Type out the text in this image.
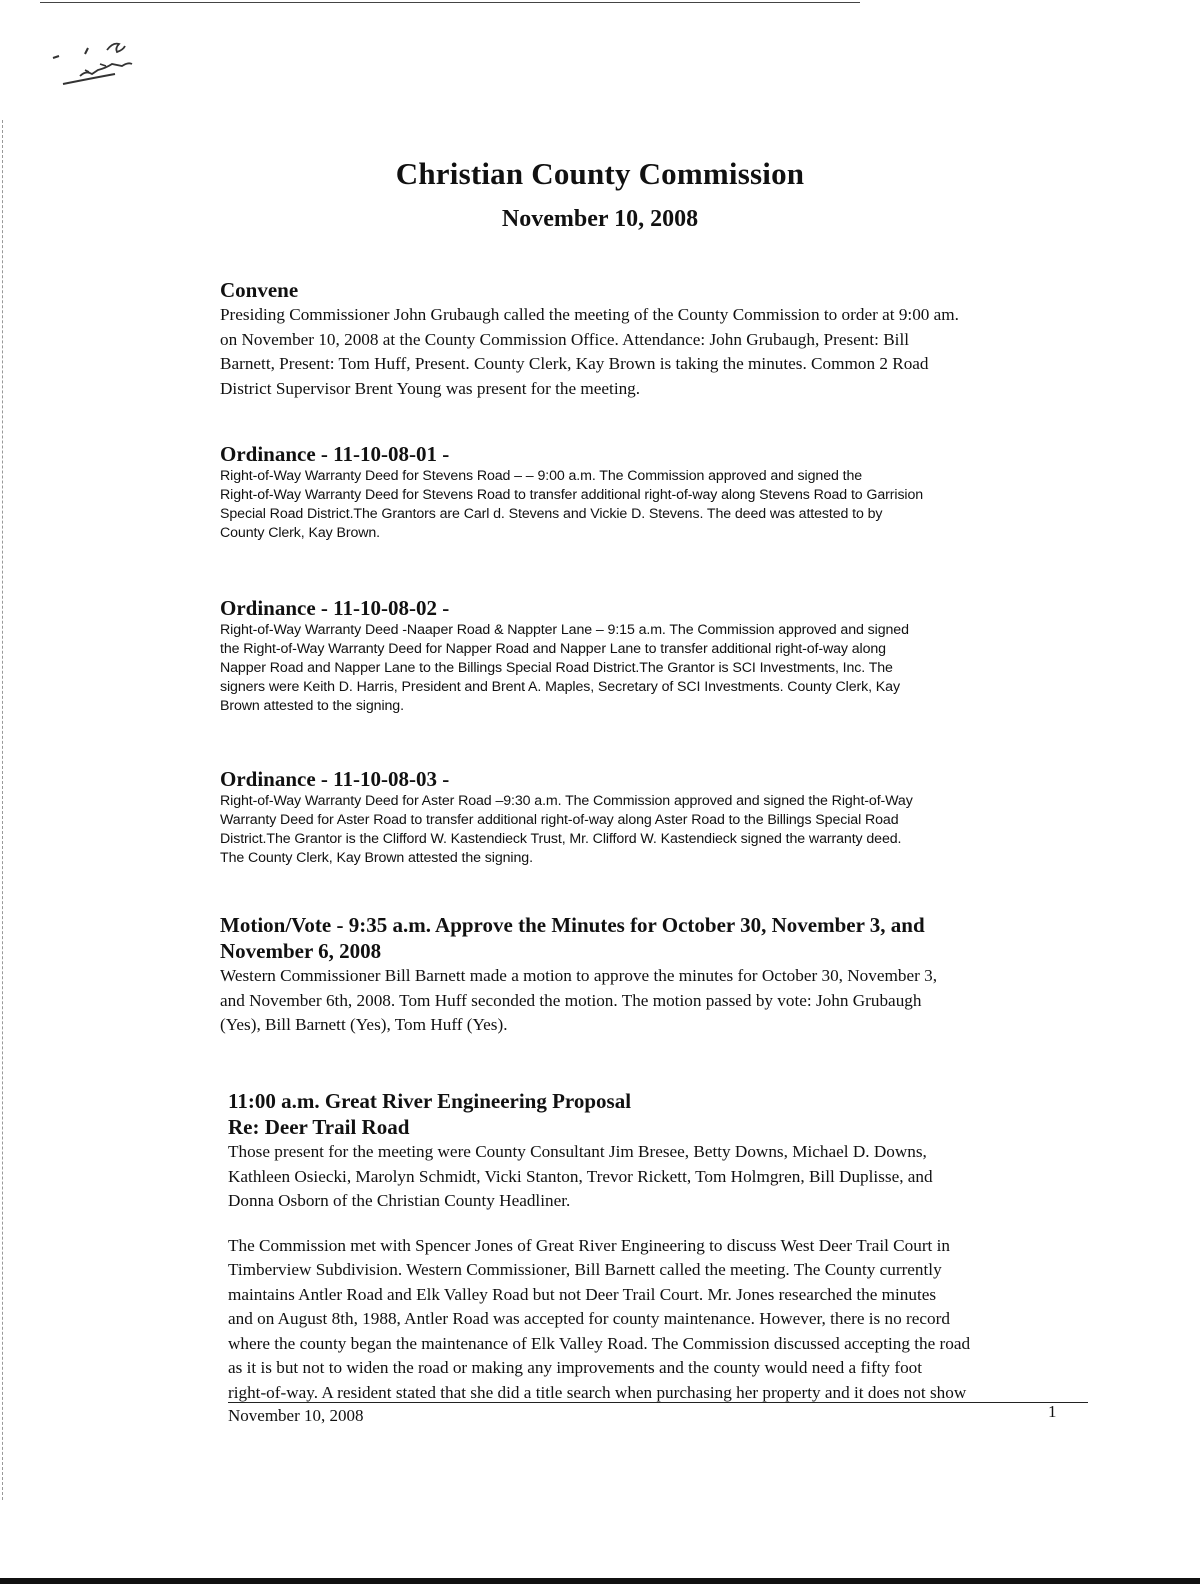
Christian County Commission
November 10, 2008
Convene
Presiding Commissioner John Grubaugh called the meeting of the County Commission to order at 9:00 am.
on November 10, 2008 at the County Commission Office. Attendance: John Grubaugh, Present: Bill
Barnett, Present: Tom Huff, Present. County Clerk, Kay Brown is taking the minutes. Common 2 Road
District Supervisor Brent Young was present for the meeting.
Ordinance - 11-10-08-01 -
Right-of-Way Warranty Deed for Stevens Road – – 9:00 a.m. The Commission approved and signed the
Right-of-Way Warranty Deed for Stevens Road to transfer additional right-of-way along Stevens Road to Garrision
Special Road District.The Grantors are Carl d. Stevens and Vickie D. Stevens. The deed was attested to by
County Clerk, Kay Brown.
Ordinance - 11-10-08-02 -
Right-of-Way Warranty Deed -Naaper Road & Nappter Lane – 9:15 a.m. The Commission approved and signed
the Right-of-Way Warranty Deed for Napper Road and Napper Lane to transfer additional right-of-way along
Napper Road and Napper Lane to the Billings Special Road District.The Grantor is SCI Investments, Inc. The
signers were Keith D. Harris, President and Brent A. Maples, Secretary of SCI Investments. County Clerk, Kay
Brown attested to the signing.
Ordinance - 11-10-08-03 -
Right-of-Way Warranty Deed for Aster Road –9:30 a.m. The Commission approved and signed the Right-of-Way
Warranty Deed for Aster Road to transfer additional right-of-way along Aster Road to the Billings Special Road
District.The Grantor is the Clifford W. Kastendieck Trust, Mr. Clifford W. Kastendieck signed the warranty deed.
The County Clerk, Kay Brown attested the signing.
Motion/Vote - 9:35 a.m. Approve the Minutes for October 30, November 3, and
November 6, 2008
Western Commissioner Bill Barnett made a motion to approve the minutes for October 30, November 3,
and November 6th, 2008. Tom Huff seconded the motion. The motion passed by vote: John Grubaugh
(Yes), Bill Barnett (Yes), Tom Huff (Yes).
11:00 a.m. Great River Engineering Proposal
Re: Deer Trail Road
Those present for the meeting were County Consultant Jim Bresee, Betty Downs, Michael D. Downs,
Kathleen Osiecki, Marolyn Schmidt, Vicki Stanton, Trevor Rickett, Tom Holmgren, Bill Duplisse, and
Donna Osborn of the Christian County Headliner.
The Commission met with Spencer Jones of Great River Engineering to discuss West Deer Trail Court in
Timberview Subdivision. Western Commissioner, Bill Barnett called the meeting. The County currently
maintains Antler Road and Elk Valley Road but not Deer Trail Court. Mr. Jones researched the minutes
and on August 8th, 1988, Antler Road was accepted for county maintenance. However, there is no record
where the county began the maintenance of Elk Valley Road. The Commission discussed accepting the road
as it is but not to widen the road or making any improvements and the county would need a fifty foot
right-of-way. A resident stated that she did a title search when purchasing her property and it does not show
November 10, 2008	1
